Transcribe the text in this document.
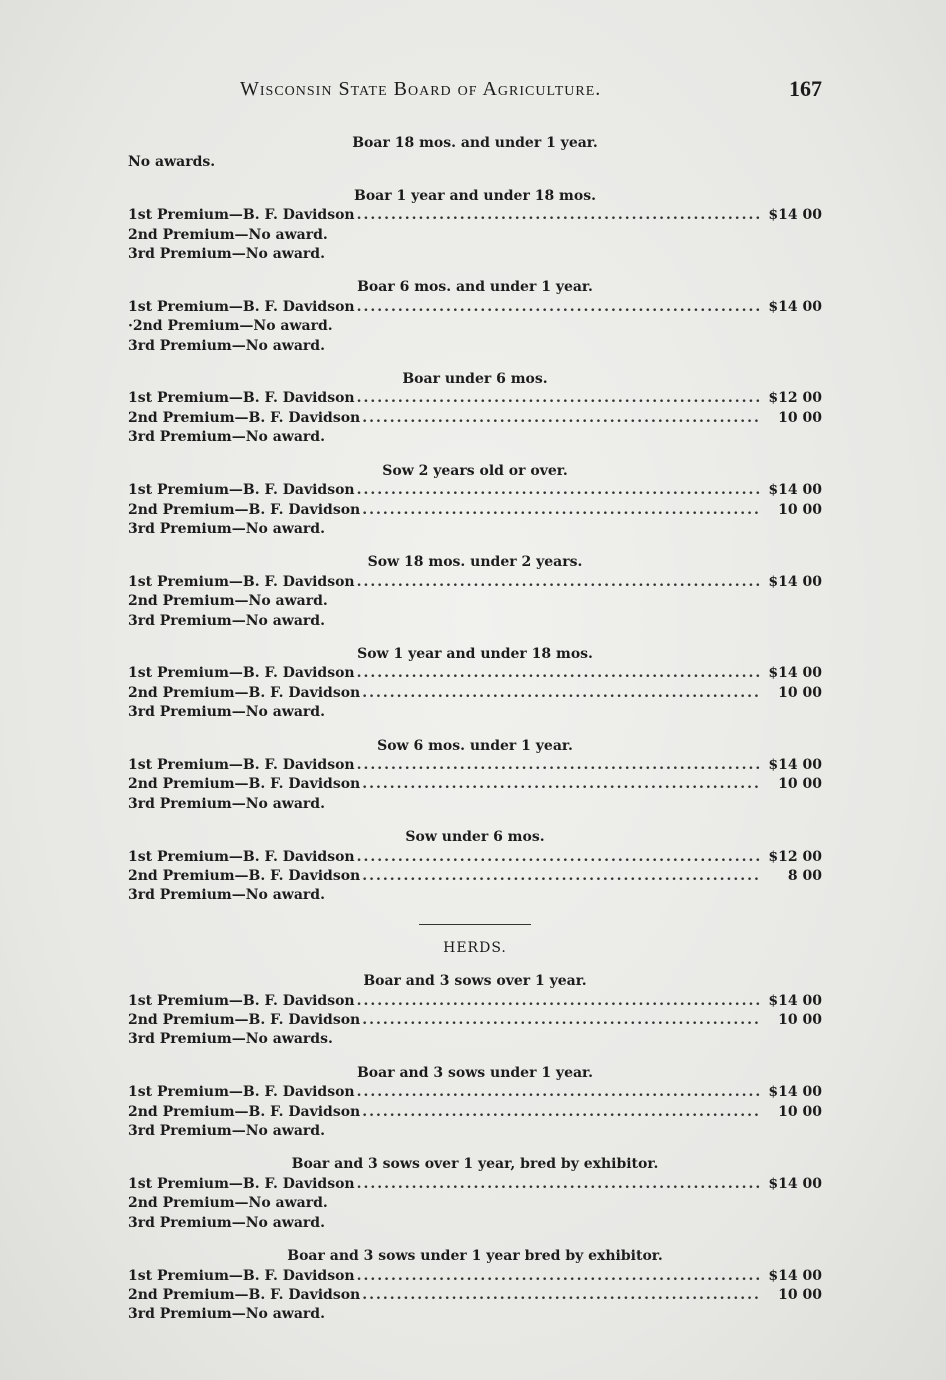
Wisconsin State Board of Agriculture.	167
Boar 18 mos. and under 1 year.
No awards.
Boar 1 year and under 18 mos.
1st Premium—B. F. Davidson .....	$14 00
2nd Premium—No award.
3rd Premium—No award.
Boar 6 mos. and under 1 year.
1st Premium—B. F. Davidson .....	$14 00
·2nd Premium—No award.
3rd Premium—No award.
Boar under 6 mos.
1st Premium—B. F. Davidson .....	$12 00
2nd Premium—B. F. Davidson .....	10 00
3rd Premium—No award.
Sow 2 years old or over.
1st Premium—B. F. Davidson .....	$14 00
2nd Premium—B. F. Davidson .....	10 00
3rd Premium—No award.
Sow 18 mos. under 2 years.
1st Premium—B. F. Davidson .....	$14 00
2nd Premium—No award.
3rd Premium—No award.
Sow 1 year and under 18 mos.
1st Premium—B. F. Davidson .....	$14 00
2nd Premium—B. F. Davidson .....	10 00
3rd Premium—No award.
Sow 6 mos. under 1 year.
1st Premium—B. F. Davidson .....	$14 00
2nd Premium—B. F. Davidson .....	10 00
3rd Premium—No award.
Sow under 6 mos.
1st Premium—B. F. Davidson .....	$12 00
2nd Premium—B. F. Davidson .....	8 00
3rd Premium—No award.
HERDS.
Boar and 3 sows over 1 year.
1st Premium—B. F. Davidson .....	$14 00
2nd Premium—B. F. Davidson .....	10 00
3rd Premium—No awards.
Boar and 3 sows under 1 year.
1st Premium—B. F. Davidson .....	$14 00
2nd Premium—B. F. Davidson .....	10 00
3rd Premium—No award.
Boar and 3 sows over 1 year, bred by exhibitor.
1st Premium—B. F. Davidson .....	$14 00
2nd Premium—No award.
3rd Premium—No award.
Boar and 3 sows under 1 year bred by exhibitor.
1st Premium—B. F. Davidson .....	$14 00
2nd Premium—B. F. Davidson .....	10 00
3rd Premium—No award.
